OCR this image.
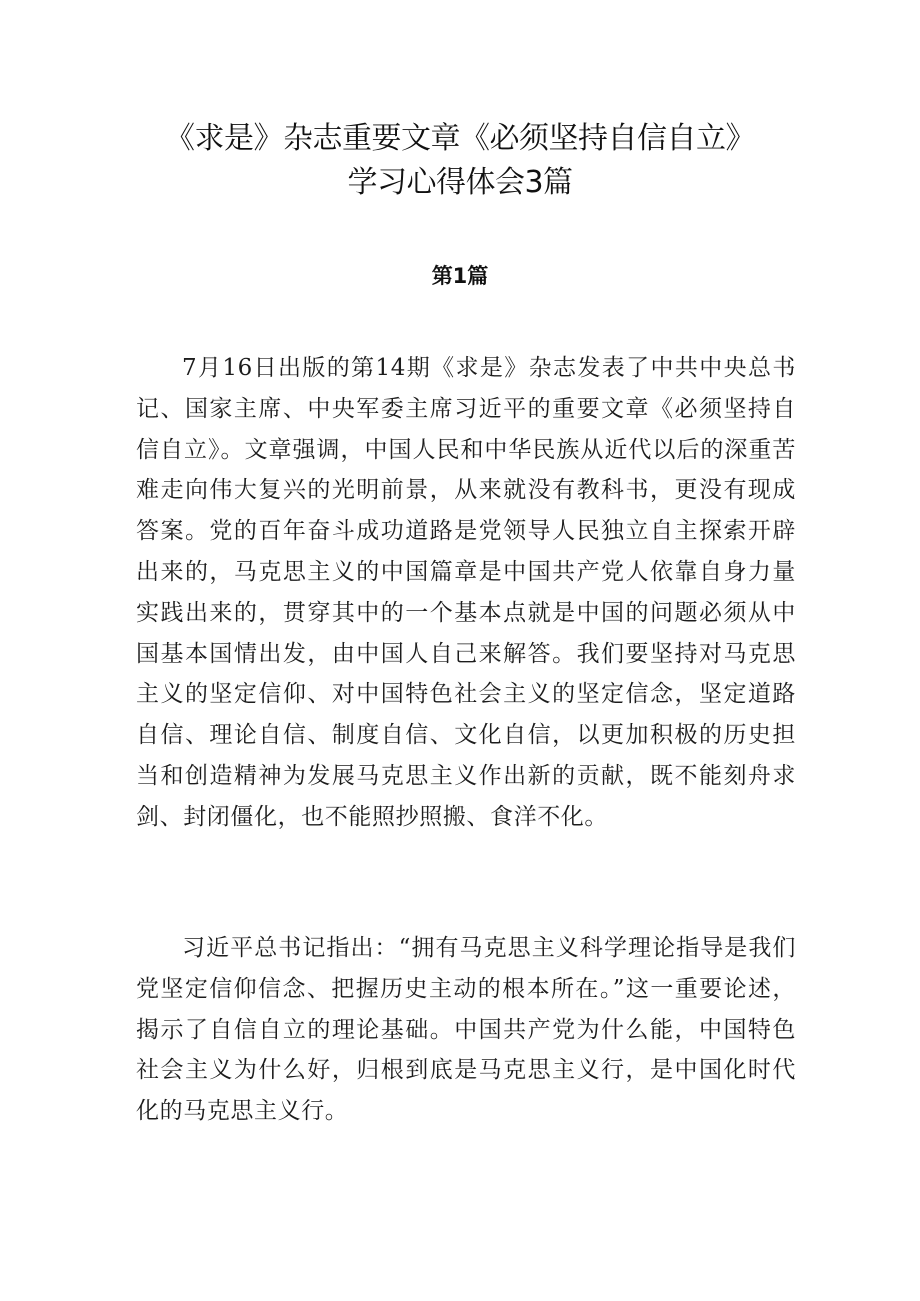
《求是》杂志重要文章《必须坚持自信自立》
学习心得体会3篇
第1篇

7月16日出版的第14期《求是》杂志发表了中共中央总书记、国家主席、中央军委主席习近平的重要文章《必须坚持自信自立》。文章强调，中国人民和中华民族从近代以后的深重苦难走向伟大复兴的光明前景，从来就没有教科书，更没有现成答案。党的百年奋斗成功道路是党领导人民独立自主探索开辟出来的，马克思主义的中国篇章是中国共产党人依靠自身力量实践出来的，贯穿其中的一个基本点就是中国的问题必须从中国基本国情出发，由中国人自己来解答。我们要坚持对马克思主义的坚定信仰、对中国特色社会主义的坚定信念，坚定道路自信、理论自信、制度自信、文化自信，以更加积极的历史担当和创造精神为发展马克思主义作出新的贡献，既不能刻舟求剑、封闭僵化，也不能照抄照搬、食洋不化。

习近平总书记指出：“拥有马克思主义科学理论指导是我们党坚定信仰信念、把握历史主动的根本所在。”这一重要论述，揭示了自信自立的理论基础。中国共产党为什么能，中国特色社会主义为什么好，归根到底是马克思主义行，是中国化时代化的马克思主义行。
